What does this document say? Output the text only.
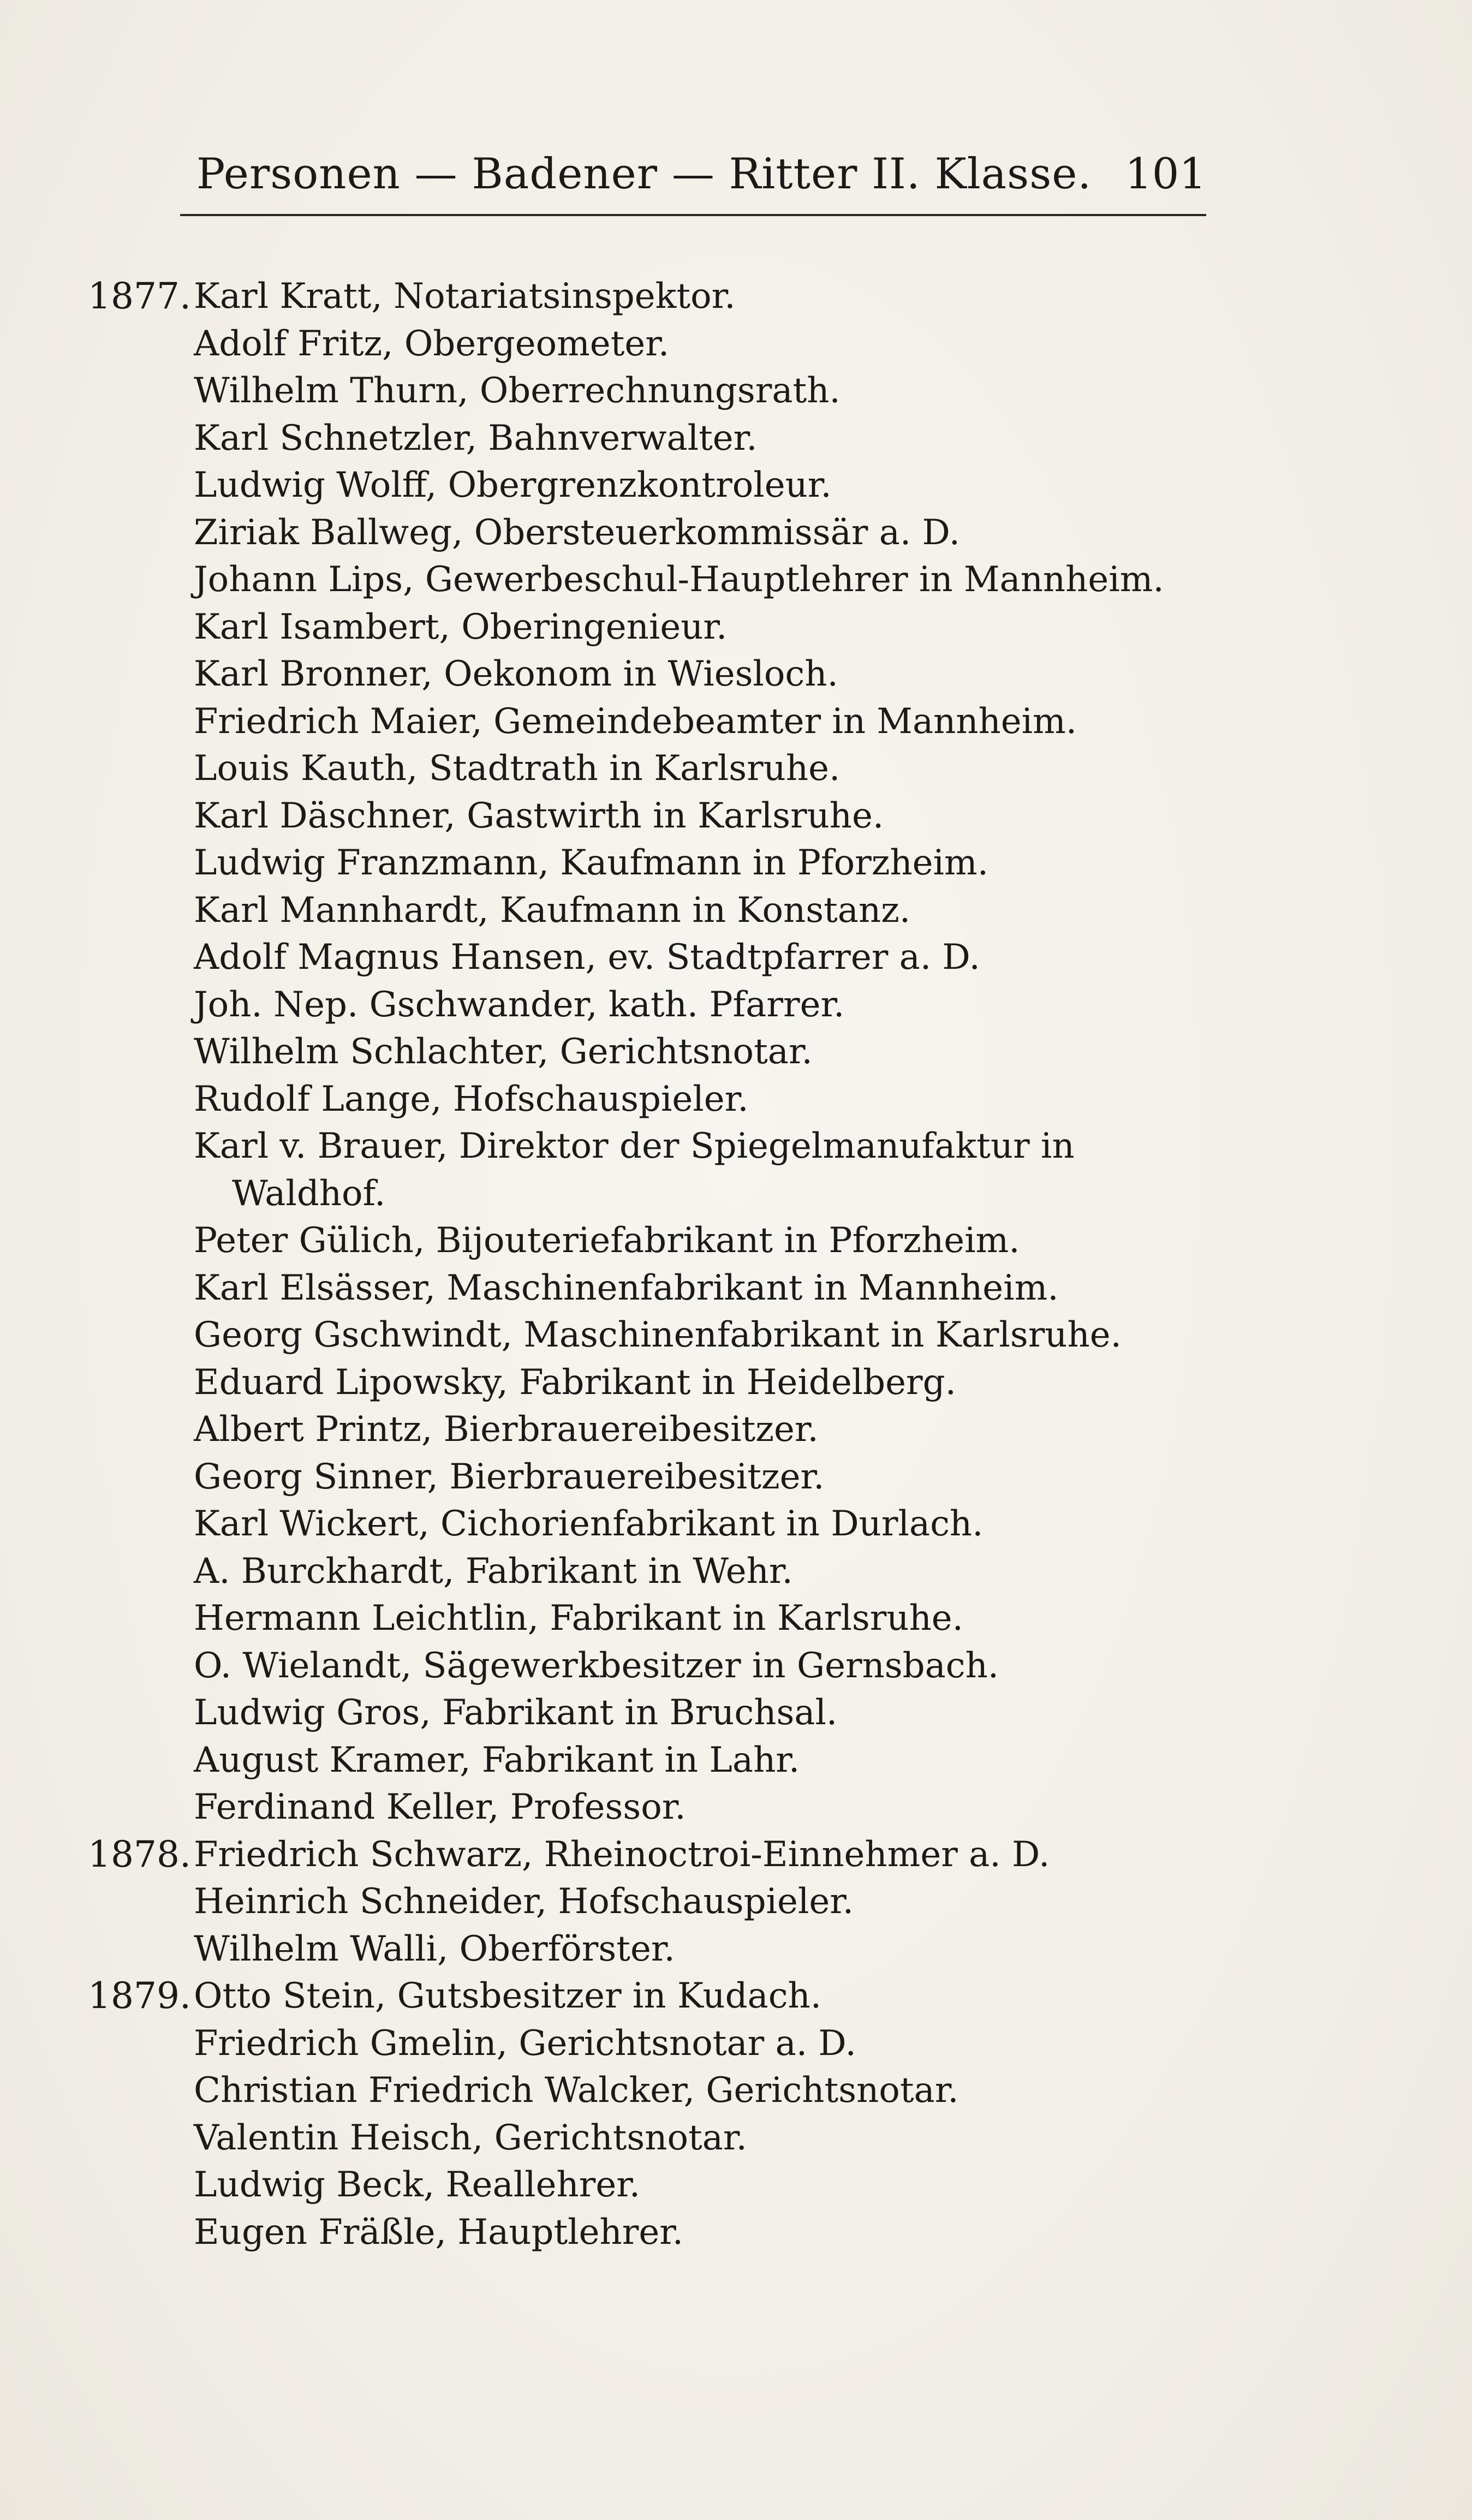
Personen — Badener — Ritter II. Klasse. 101
1877. Karl Kratt, Notariatsinspektor.
Adolf Fritz, Obergeometer.
Wilhelm Thurn, Oberrechnungsrath.
Karl Schnetzler, Bahnverwalter.
Ludwig Wolff, Obergrenzkontroleur.
Ziriak Ballweg, Obersteuerkommissär a. D.
Johann Lips, Gewerbeschul-Hauptlehrer in Mannheim.
Karl Isambert, Oberingenieur.
Karl Bronner, Oekonom in Wiesloch.
Friedrich Maier, Gemeindebeamter in Mannheim.
Louis Kauth, Stadtrath in Karlsruhe.
Karl Däschner, Gastwirth in Karlsruhe.
Ludwig Franzmann, Kaufmann in Pforzheim.
Karl Mannhardt, Kaufmann in Konstanz.
Adolf Magnus Hansen, ev. Stadtpfarrer a. D.
Joh. Nep. Gschwander, kath. Pfarrer.
Wilhelm Schlachter, Gerichtsnotar.
Rudolf Lange, Hofschauspieler.
Karl v. Brauer, Direktor der Spiegelmanufaktur in
Waldhof.
Peter Gülich, Bijouteriefabrikant in Pforzheim.
Karl Elsässer, Maschinenfabrikant in Mannheim.
Georg Gschwindt, Maschinenfabrikant in Karlsruhe.
Eduard Lipowsky, Fabrikant in Heidelberg.
Albert Printz, Bierbrauereibesitzer.
Georg Sinner, Bierbrauereibesitzer.
Karl Wickert, Cichorienfabrikant in Durlach.
A. Burckhardt, Fabrikant in Wehr.
Hermann Leichtlin, Fabrikant in Karlsruhe.
O. Wielandt, Sägewerkbesitzer in Gernsbach.
Ludwig Gros, Fabrikant in Bruchsal.
August Kramer, Fabrikant in Lahr.
Ferdinand Keller, Professor.
1878. Friedrich Schwarz, Rheinoctroi-Einnehmer a. D.
Heinrich Schneider, Hofschauspieler.
Wilhelm Walli, Oberförster.
1879. Otto Stein, Gutsbesitzer in Kudach.
Friedrich Gmelin, Gerichtsnotar a. D.
Christian Friedrich Walcker, Gerichtsnotar.
Valentin Heisch, Gerichtsnotar.
Ludwig Beck, Reallehrer.
Eugen Fräßle, Hauptlehrer.
